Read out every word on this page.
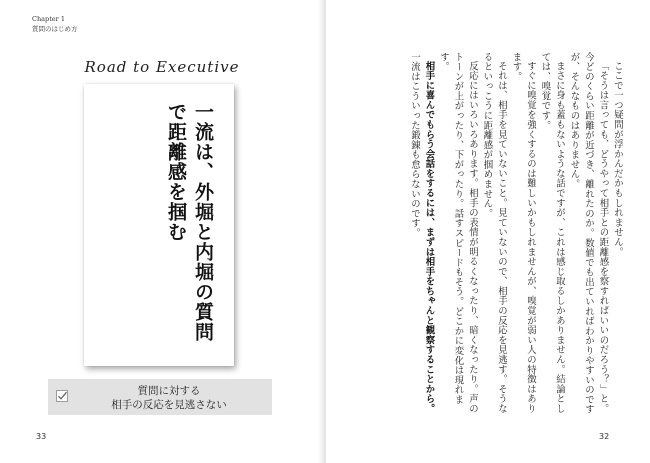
Chapter 1
質問のはじめ方
Road to Executive
一流は、外堀と内堀の質問で距離感を掴む
質問に対する
相手の反応を見逃さない
33

ここで一つ疑問が浮かんだかもしれません。

「そうは言っても、どうやって相手との距離感を察すればいいのだろう？」と。

今どのくらい距離が近づき、離れたのか。数値でも出ていればわかりやすいのですが、そんなものはありません。

まさに身も蓋もないような話ですが、これは感じ取るしかありません。結論としては、嗅覚です。

すぐに嗅覚を強くするのは難しいかもしれませんが、嗅覚が弱い人の特徴はあります。

それは、相手を見ていないこと。見ていないので、相手の反応を見逃す。そうなるといっこうに距離感が掴めません。

反応にはいろいろあります。相手の表情が明るくなったり、暗くなったり。声のトーンが上がったり、下がったり。話すスピードもそう。どこかに変化は現れます。

相手に喜んでもらう会話をするには、まずは相手をちゃんと観察することから。一流はこういった鍛錬も怠らないのです。

32
